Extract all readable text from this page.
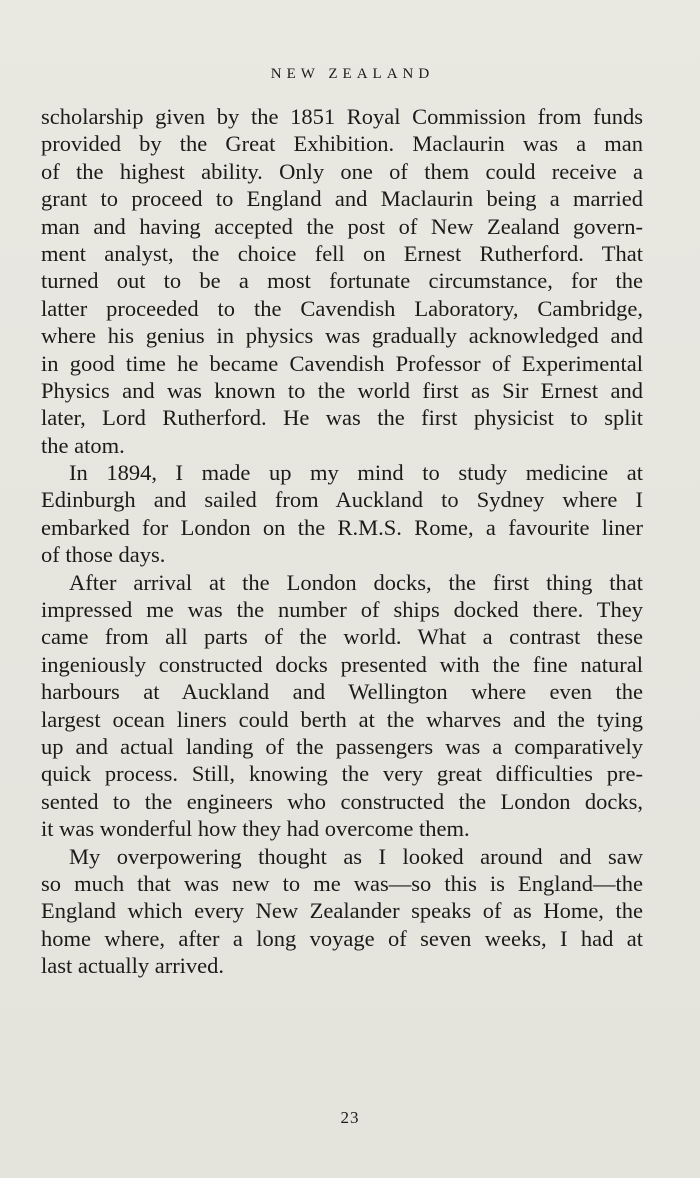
NEW ZEALAND
scholarship given by the 1851 Royal Commission from funds
provided by the Great Exhibition. Maclaurin was a man
of the highest ability. Only one of them could receive a
grant to proceed to England and Maclaurin being a married
man and having accepted the post of New Zealand govern-
ment analyst, the choice fell on Ernest Rutherford. That
turned out to be a most fortunate circumstance, for the
latter proceeded to the Cavendish Laboratory, Cambridge,
where his genius in physics was gradually acknowledged and
in good time he became Cavendish Professor of Experimental
Physics and was known to the world first as Sir Ernest and
later, Lord Rutherford. He was the first physicist to split
the atom.
In 1894, I made up my mind to study medicine at
Edinburgh and sailed from Auckland to Sydney where I
embarked for London on the R.M.S. Rome, a favourite liner
of those days.
After arrival at the London docks, the first thing that
impressed me was the number of ships docked there. They
came from all parts of the world. What a contrast these
ingeniously constructed docks presented with the fine natural
harbours at Auckland and Wellington where even the
largest ocean liners could berth at the wharves and the tying
up and actual landing of the passengers was a comparatively
quick process. Still, knowing the very great difficulties pre-
sented to the engineers who constructed the London docks,
it was wonderful how they had overcome them.
My overpowering thought as I looked around and saw
so much that was new to me was—so this is England—the
England which every New Zealander speaks of as Home, the
home where, after a long voyage of seven weeks, I had at
last actually arrived.
23
